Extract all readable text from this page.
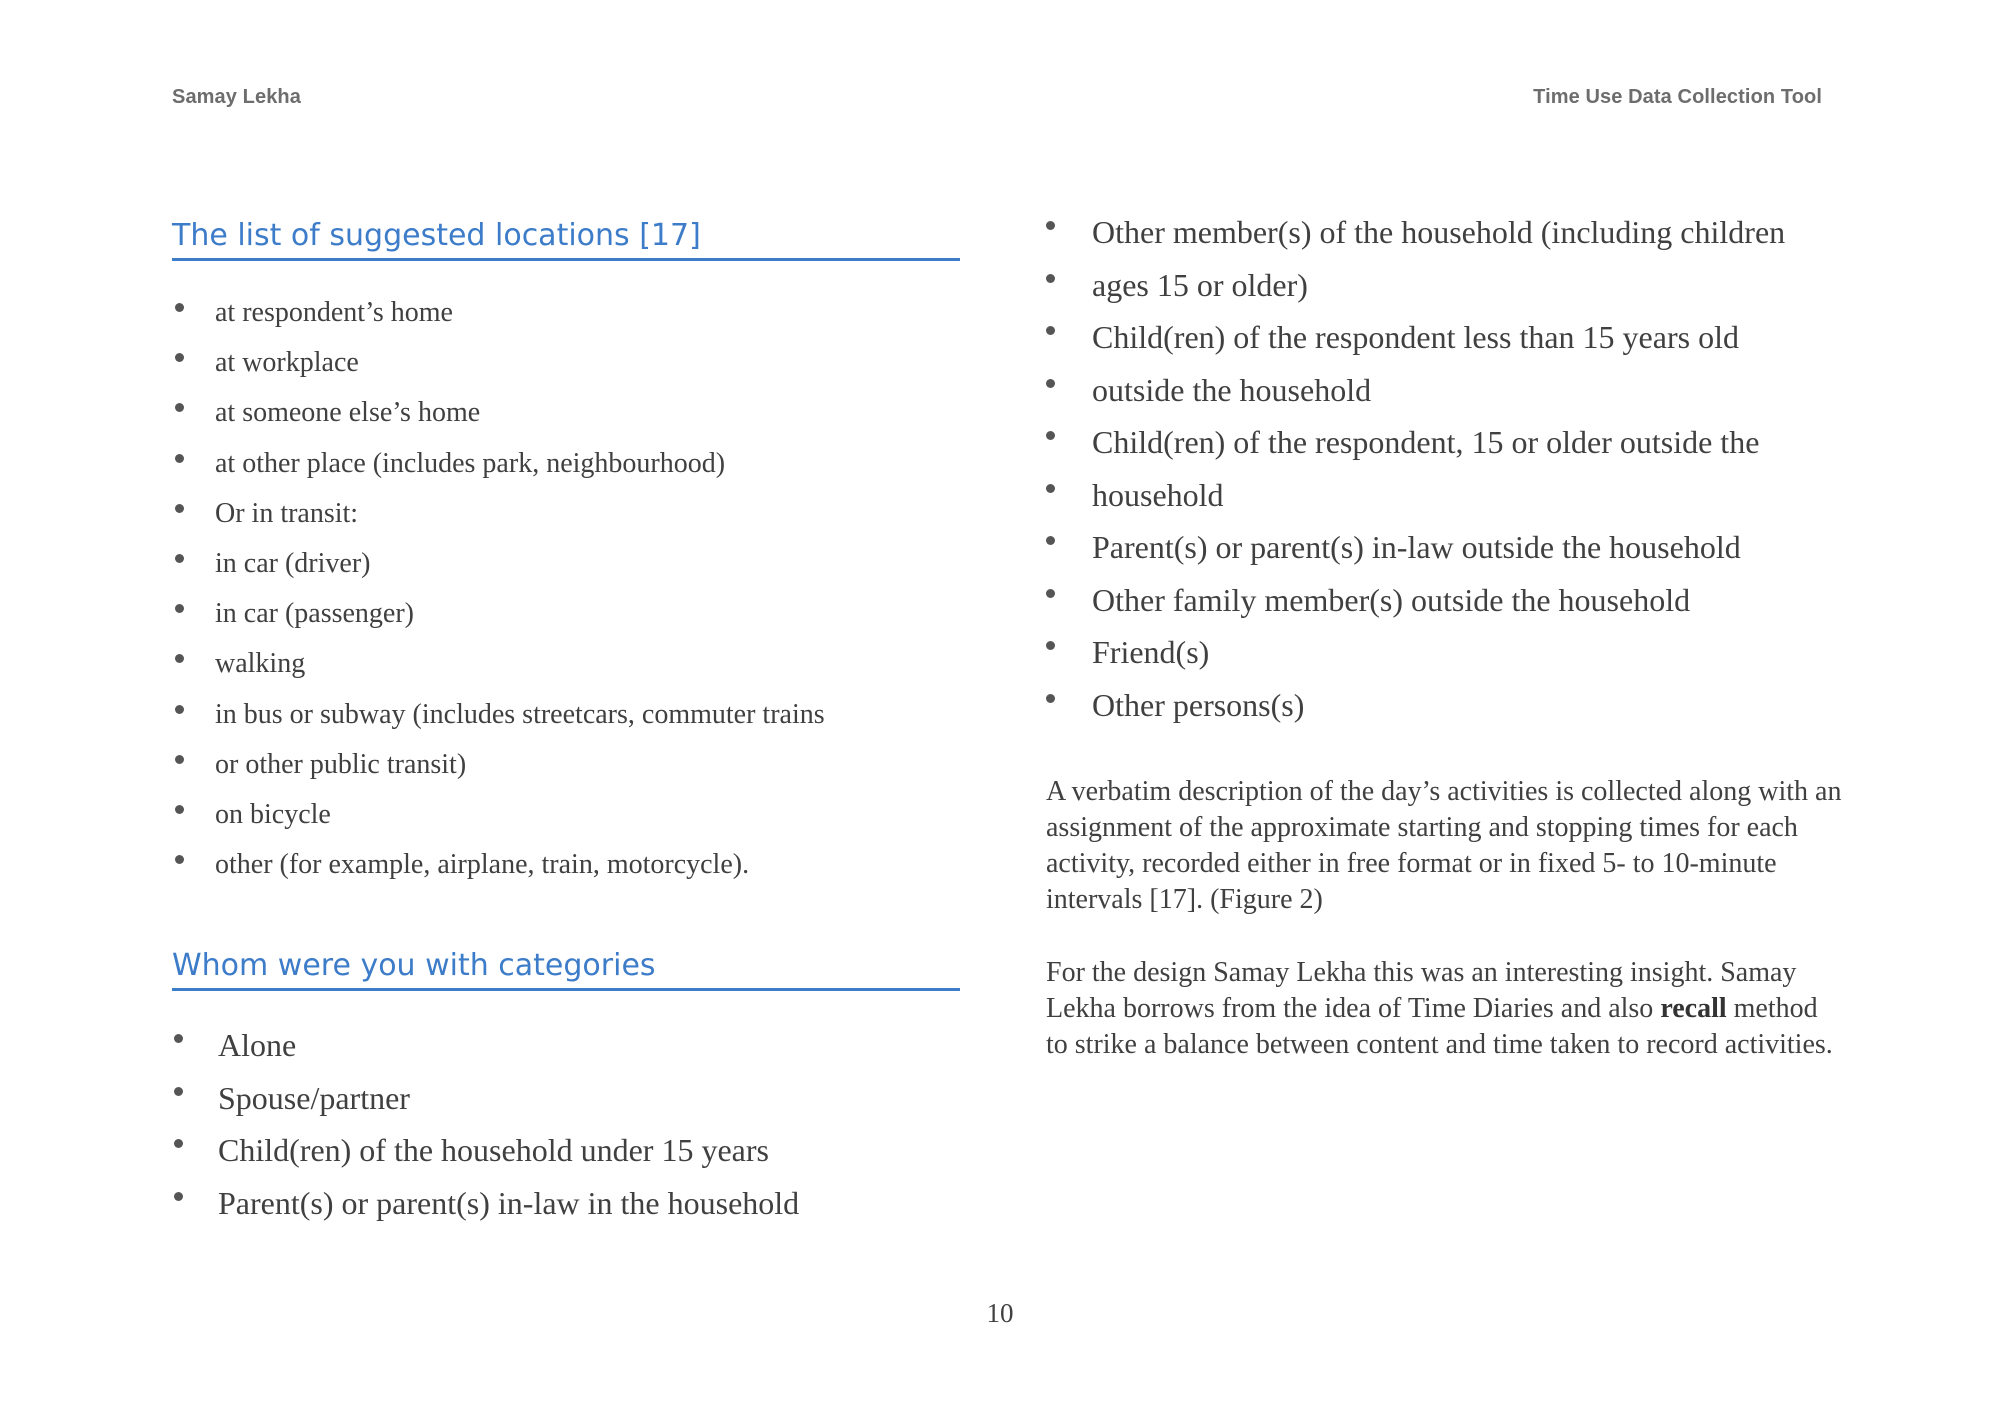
Samay Lekha	Time Use Data Collection Tool
The list of suggested locations [17]
at respondent’s home
at workplace
at someone else’s home
at other place (includes park, neighbourhood)
Or in transit:
in car (driver)
in car (passenger)
walking
in bus or subway (includes streetcars, commuter trains
or other public transit)
on bicycle
other (for example, airplane, train, motorcycle).
Whom were you with categories
Alone
Spouse/partner
Child(ren) of the household under 15 years
Parent(s) or parent(s) in-law in the household
Other member(s) of the household (including children
ages 15 or older)
Child(ren) of the respondent less than 15 years old
outside the household
Child(ren) of the respondent, 15 or older outside the
household
Parent(s) or parent(s) in-law outside the household
Other family member(s) outside the household
Friend(s)
Other persons(s)

A verbatim description of the day’s activities is collected along with an assignment of the approximate starting and stopping times for each activity, recorded either in free format or in fixed 5- to 10-minute intervals [17]. (Figure 2)

For the design Samay Lekha this was an interesting insight. Samay Lekha borrows from the idea of Time Diaries and also recall method to strike a balance between content and time taken to record activities.

10
